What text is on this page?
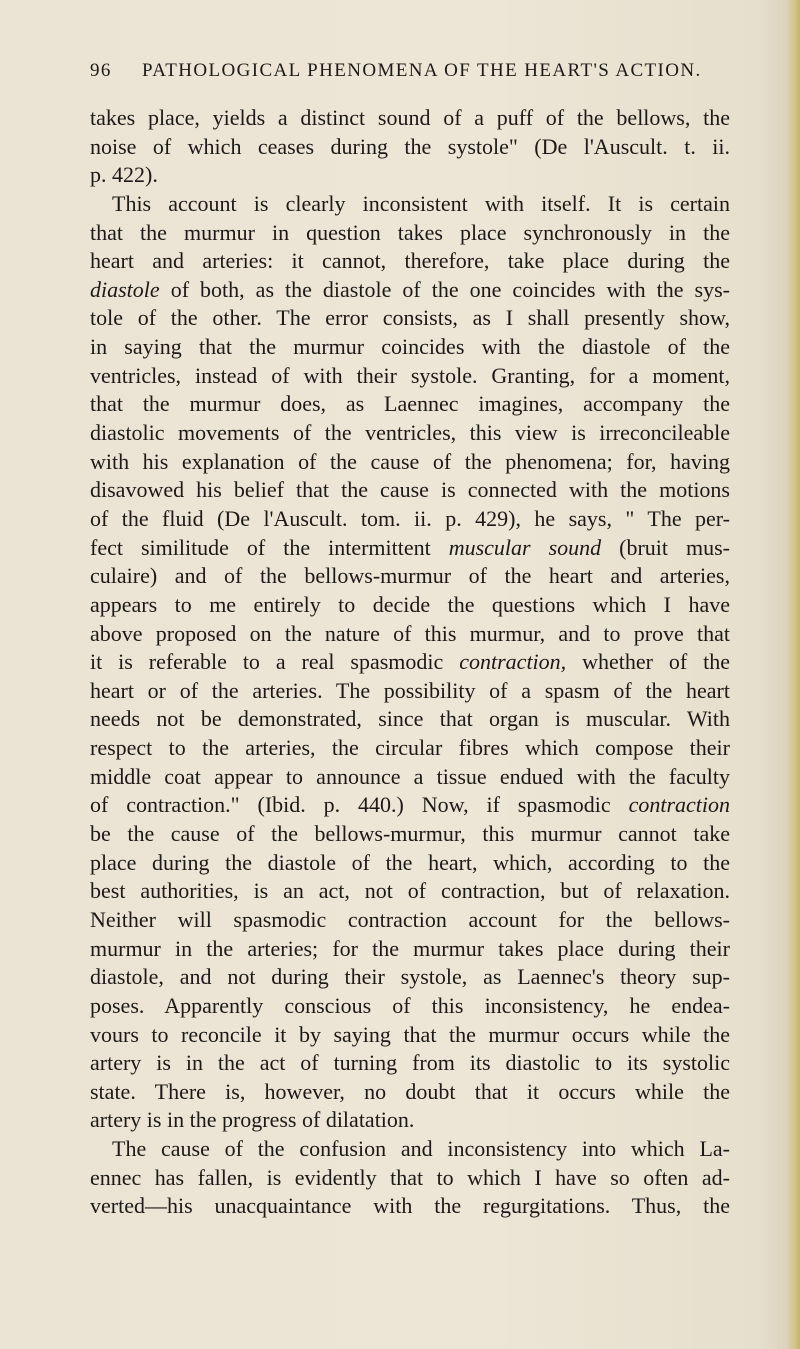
96 PATHOLOGICAL PHENOMENA OF THE HEART'S ACTION.
takes place, yields a distinct sound of a puff of the bellows, the
noise of which ceases during the systole" (De l'Auscult. t. ii.
p. 422).
This account is clearly inconsistent with itself. It is certain
that the murmur in question takes place synchronously in the
heart and arteries: it cannot, therefore, take place during the
diastole of both, as the diastole of the one coincides with the sys-
tole of the other. The error consists, as I shall presently show,
in saying that the murmur coincides with the diastole of the
ventricles, instead of with their systole. Granting, for a moment,
that the murmur does, as Laennec imagines, accompany the
diastolic movements of the ventricles, this view is irreconcileable
with his explanation of the cause of the phenomena; for, having
disavowed his belief that the cause is connected with the motions
of the fluid (De l'Auscult. tom. ii. p. 429), he says, " The per-
fect similitude of the intermittent muscular sound (bruit mus-
culaire) and of the bellows-murmur of the heart and arteries,
appears to me entirely to decide the questions which I have
above proposed on the nature of this murmur, and to prove that
it is referable to a real spasmodic contraction, whether of the
heart or of the arteries. The possibility of a spasm of the heart
needs not be demonstrated, since that organ is muscular. With
respect to the arteries, the circular fibres which compose their
middle coat appear to announce a tissue endued with the faculty
of contraction." (Ibid. p. 440.) Now, if spasmodic contraction
be the cause of the bellows-murmur, this murmur cannot take
place during the diastole of the heart, which, according to the
best authorities, is an act, not of contraction, but of relaxation.
Neither will spasmodic contraction account for the bellows-
murmur in the arteries; for the murmur takes place during their
diastole, and not during their systole, as Laennec's theory sup-
poses. Apparently conscious of this inconsistency, he endea-
vours to reconcile it by saying that the murmur occurs while the
artery is in the act of turning from its diastolic to its systolic
state. There is, however, no doubt that it occurs while the
artery is in the progress of dilatation.
The cause of the confusion and inconsistency into which La-
ennec has fallen, is evidently that to which I have so often ad-
verted—his unacquaintance with the regurgitations. Thus, the
